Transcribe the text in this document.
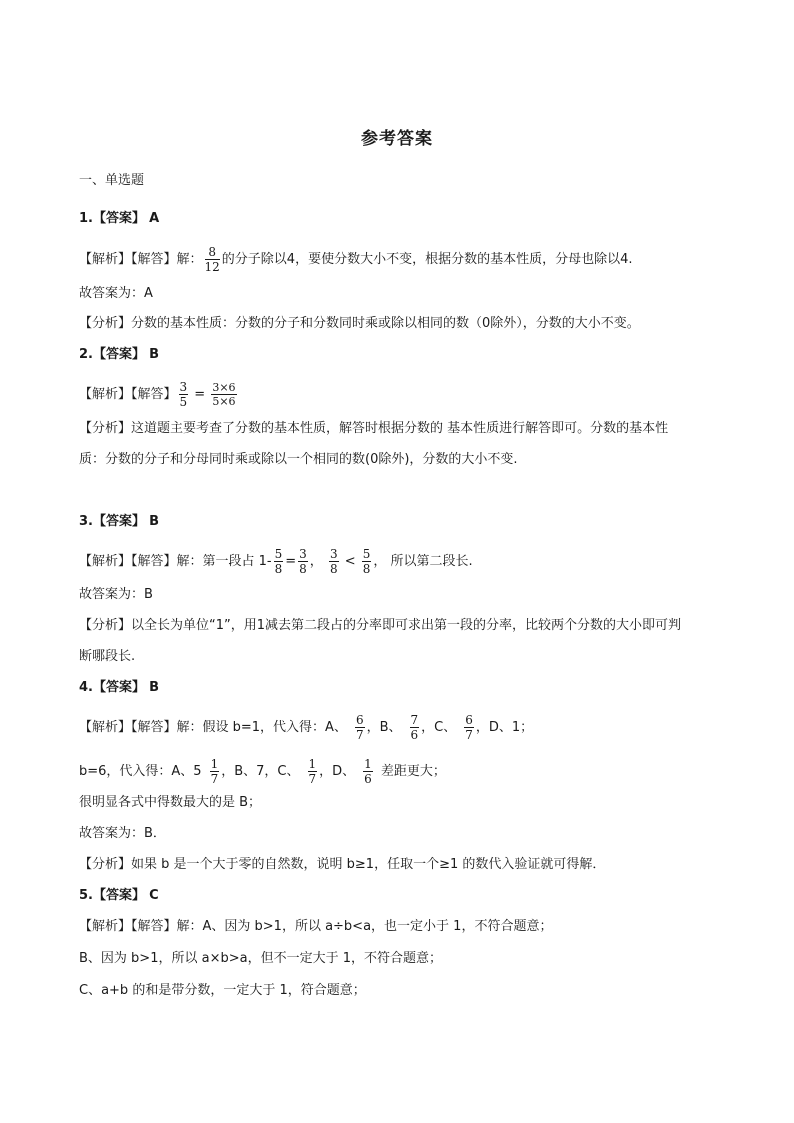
参考答案
一、单选题
1.【答案】 A
【解析】【解答】解： $\frac{8}{12}$ 的分子除以4，要使分数大小不变，根据分数的基本性质，分母也除以4.
故答案为：A
【分析】分数的基本性质：分数的分子和分数同时乘或除以相同的数（0除外），分数的大小不变。
2.【答案】 B
【解析】【解答】 $\frac{3}{5} = \frac{3\times 6}{5\times 6}$
【分析】这道题主要考查了分数的基本性质，解答时根据分数的 基本性质进行解答即可。分数的基本性
质：分数的分子和分母同时乘或除以一个相同的数(0除外)，分数的大小不变.
3.【答案】 B
【解析】【解答】解：第一段占 $1- \frac{5}{8} = \frac{3}{8}$ ， $\frac{3}{8} < \frac{5}{8}$ ， 所以第二段长.
故答案为：B
【分析】以全长为单位“1”，用1减去第二段占的分率即可求出第一段的分率，比较两个分数的大小即可判
断哪段长.
4.【答案】 B
【解析】【解答】解：假设 b=1，代入得：A、 $\frac{6}{7}$ ，B、 $\frac{7}{6}$ ，C、 $\frac{6}{7}$ ，D、1；
b=6，代入得：A、$5 \frac{1}{7}$ ，B、7，C、 $\frac{1}{7}$ ，D、 $\frac{1}{6}$ 差距更大；
很明显各式中得数最大的是 B；
故答案为：B．
【分析】如果 b 是一个大于零的自然数，说明 b≥1，任取一个≥1 的数代入验证就可得解．
5.【答案】 C
【解析】【解答】解：A、因为 b>1，所以 a÷b<a，也一定小于 1，不符合题意；
B、因为 b>1，所以 a×b>a，但不一定大于 1，不符合题意；
C、a+b 的和是带分数，一定大于 1，符合题意；
